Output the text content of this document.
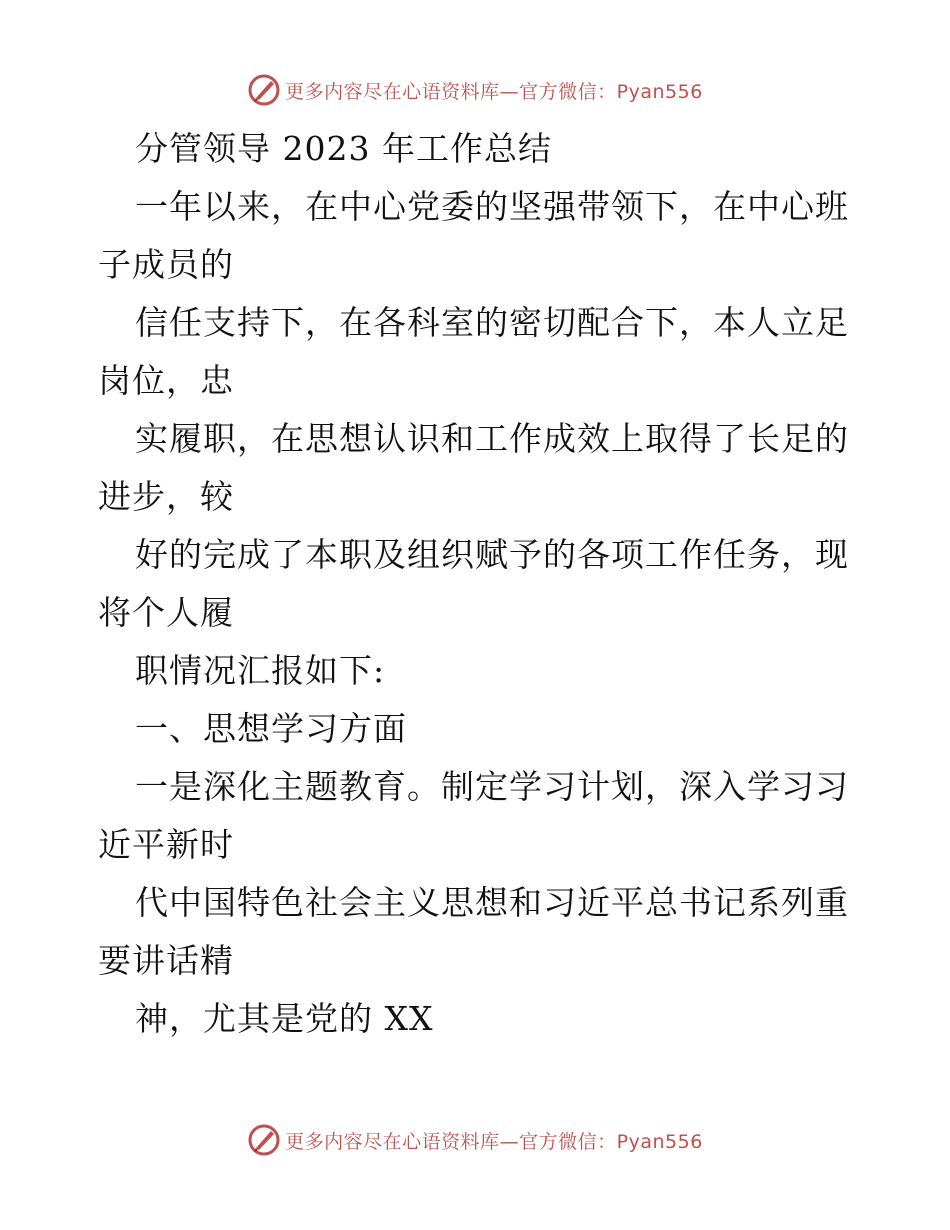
更多内容尽在心语资料库—官方微信：Pyan556
分管领导 2023 年工作总结
一年以来，在中心党委的坚强带领下，在中心班
子成员的
信任支持下，在各科室的密切配合下，本人立足
岗位，忠
实履职，在思想认识和工作成效上取得了长足的
进步，较
好的完成了本职及组织赋予的各项工作任务，现
将个人履
职情况汇报如下:
一、思想学习方面
一是深化主题教育。制定学习计划，深入学习习
近平新时
代中国特色社会主义思想和习近平总书记系列重
要讲话精
神，尤其是党的 XX
更多内容尽在心语资料库—官方微信：Pyan556
